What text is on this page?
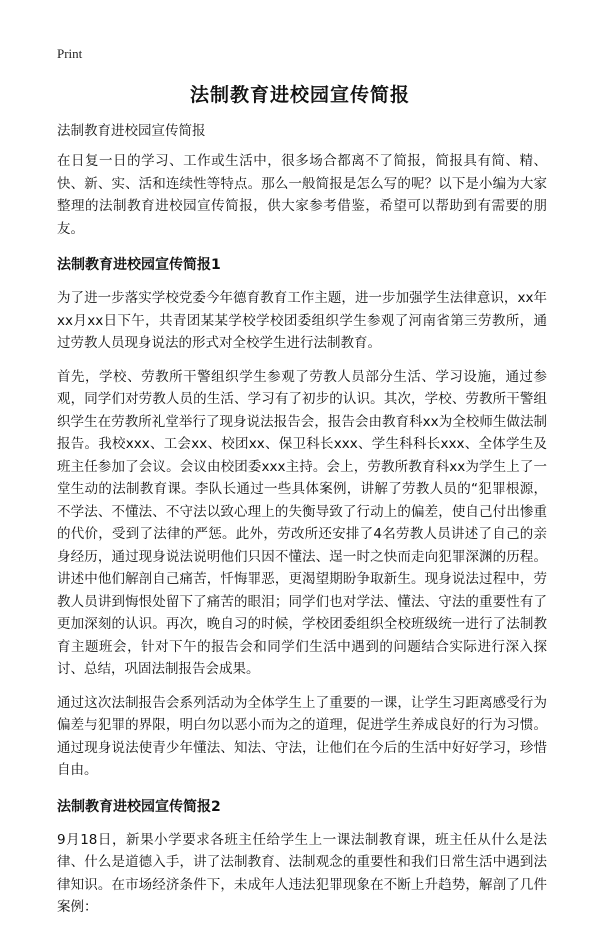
Print
法制教育进校园宣传简报
法制教育进校园宣传简报

在日复一日的学习、工作或生活中，很多场合都离不了简报，简报具有简、精、快、新、实、活和连续性等特点。那么一般简报是怎么写的呢？以下是小编为大家整理的法制教育进校园宣传简报，供大家参考借鉴，希望可以帮助到有需要的朋友。

法制教育进校园宣传简报1

为了进一步落实学校党委今年德育教育工作主题，进一步加强学生法律意识，xx年xx月xx日下午，共青团某某学校学校团委组织学生参观了河南省第三劳教所，通过劳教人员现身说法的形式对全校学生进行法制教育。

首先，学校、劳教所干警组织学生参观了劳教人员部分生活、学习设施，通过参观，同学们对劳教人员的生活、学习有了初步的认识。其次，学校、劳教所干警组织学生在劳教所礼堂举行了现身说法报告会，报告会由教育科xx为全校师生做法制报告。我校xxx、工会xx、校团xx、保卫科长xxx、学生科科长xxx、全体学生及班主任参加了会议。会议由校团委xxx主持。会上，劳教所教育科xx为学生上了一堂生动的法制教育课。李队长通过一些具体案例，讲解了劳教人员的“犯罪根源，不学法、不懂法、不守法以致心理上的失衡导致了行动上的偏差，使自己付出惨重的代价，受到了法律的严惩。此外，劳改所还安排了4名劳教人员讲述了自己的亲身经历，通过现身说法说明他们只因不懂法、逞一时之快而走向犯罪深渊的历程。讲述中他们解剖自己痛苦，忏悔罪恶，更渴望期盼争取新生。现身说法过程中，劳教人员讲到悔恨处留下了痛苦的眼泪；同学们也对学法、懂法、守法的重要性有了更加深刻的认识。再次，晚自习的时候，学校团委组织全校班级统一进行了法制教育主题班会，针对下午的报告会和同学们生活中遇到的问题结合实际进行深入探讨、总结，巩固法制报告会成果。

通过这次法制报告会系列活动为全体学生上了重要的一课，让学生习距离感受行为偏差与犯罪的界限，明白勿以恶小而为之的道理，促进学生养成良好的行为习惯。通过现身说法使青少年懂法、知法、守法，让他们在今后的生活中好好学习，珍惜自由。

法制教育进校园宣传简报2

9月18日，新果小学要求各班主任给学生上一课法制教育课，班主任从什么是法律、什么是道德入手，讲了法制教育、法制观念的重要性和我们日常生活中遇到法律知识。在市场经济条件下，未成年人违法犯罪现象在不断上升趋势，解剖了几件案例：
